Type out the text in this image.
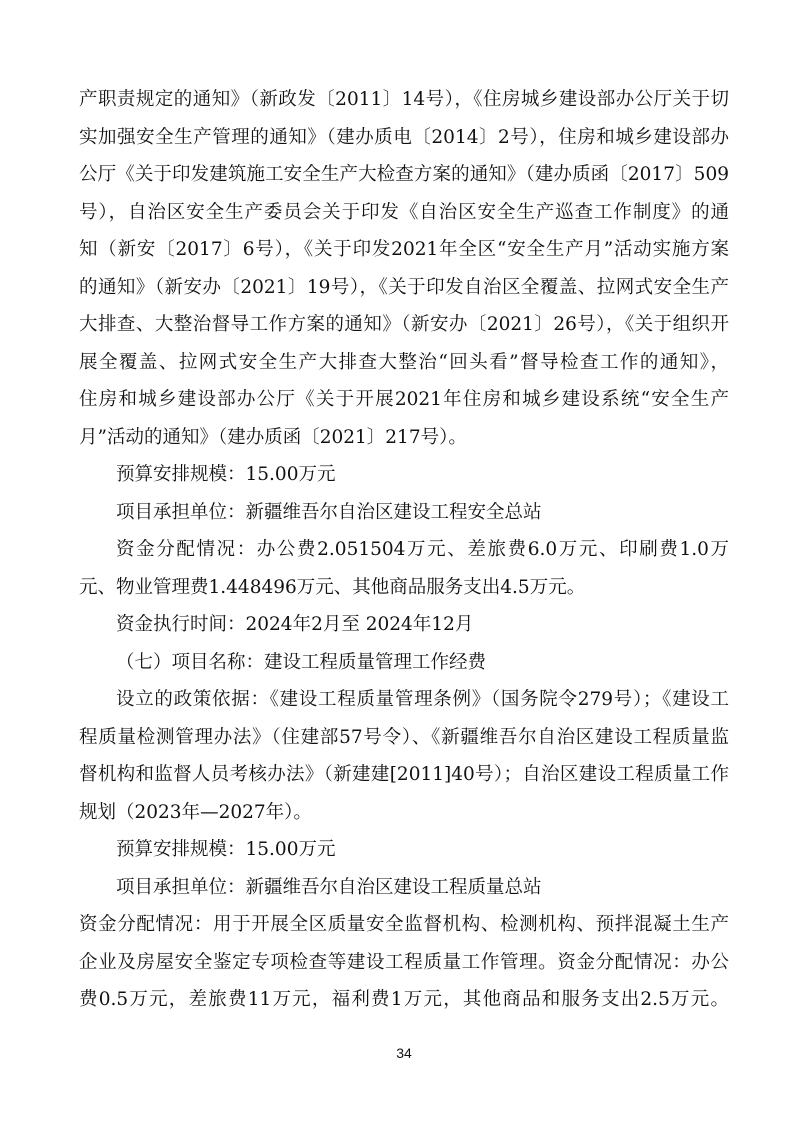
产职责规定的通知》（新政发〔2011〕14号），《住房城乡建设部办公厅关于切
实加强安全生产管理的通知》（建办质电〔2014〕2号），住房和城乡建设部办
公厅《关于印发建筑施工安全生产大检查方案的通知》（建办质函〔2017〕509
号），自治区安全生产委员会关于印发《自治区安全生产巡查工作制度》的通
知（新安〔2017〕6号），《关于印发2021年全区“安全生产月”活动实施方案
的通知》（新安办〔2021〕19号），《关于印发自治区全覆盖、拉网式安全生产
大排查、大整治督导工作方案的通知》（新安办〔2021〕26号），《关于组织开
展全覆盖、拉网式安全生产大排查大整治“回头看”督导检查工作的通知》，
住房和城乡建设部办公厅《关于开展2021年住房和城乡建设系统“安全生产
月”活动的通知》（建办质函〔2021〕217号）。
预算安排规模：15.00万元
项目承担单位：新疆维吾尔自治区建设工程安全总站
资金分配情况：办公费2.051504万元、差旅费6.0万元、印刷费1.0万
元、物业管理费1.448496万元、其他商品服务支出4.5万元。
资金执行时间：2024年2月至 2024年12月
（七）项目名称：建设工程质量管理工作经费
设立的政策依据：《建设工程质量管理条例》（国务院令279号）；《建设工
程质量检测管理办法》（住建部57号令）、《新疆维吾尔自治区建设工程质量监
督机构和监督人员考核办法》（新建建[2011]40号）；自治区建设工程质量工作
规划（2023年—2027年）。
预算安排规模：15.00万元
项目承担单位：新疆维吾尔自治区建设工程质量总站
资金分配情况：用于开展全区质量安全监督机构、检测机构、预拌混凝土生产
企业及房屋安全鉴定专项检查等建设工程质量工作管理。资金分配情况：办公
费0.5万元，差旅费11万元，福利费1万元，其他商品和服务支出2.5万元。
34
